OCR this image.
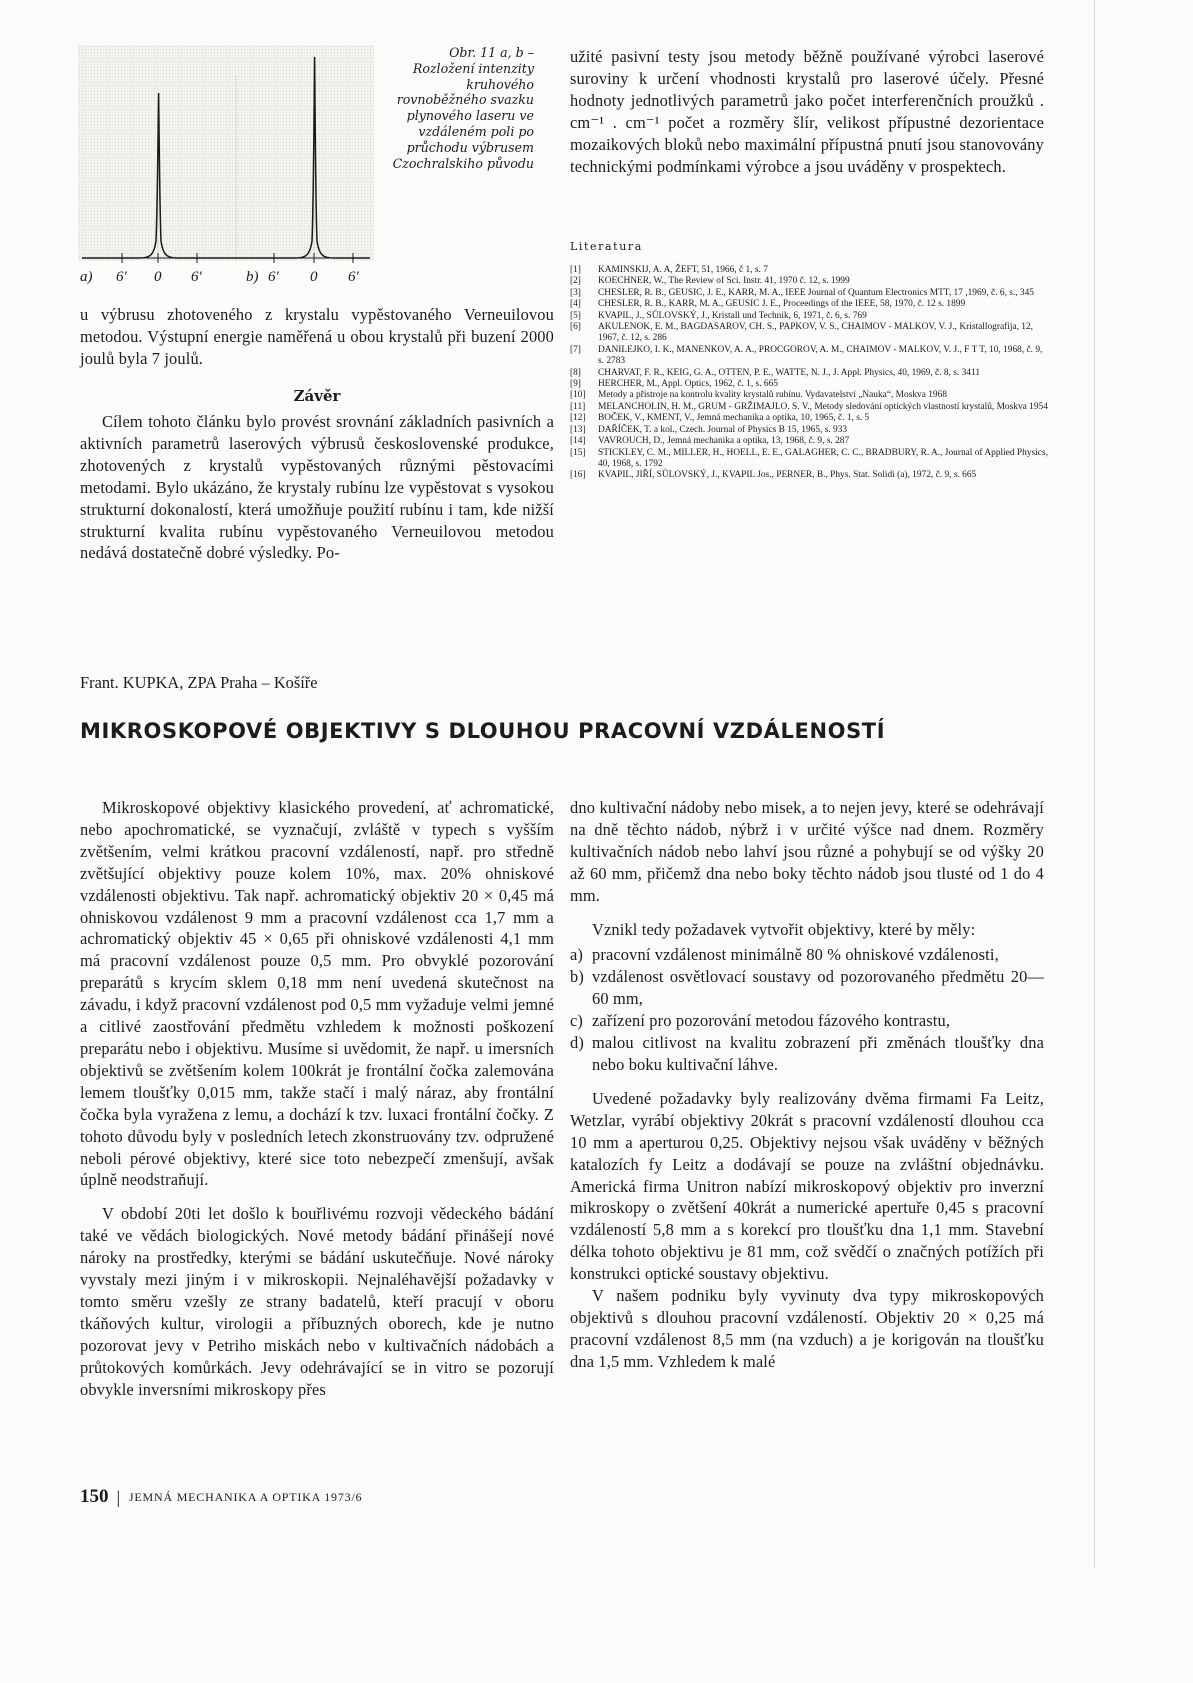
a) 6' 0 6'	b) 6' 0 6'
Obr. 11 a, b – Rozložení intenzity kruhového rovnoběžného svazku plynového laseru ve vzdáleném poli po průchodu výbrusem Czochralskiho původu
u výbrusu zhotoveného z krystalu vypěstovaného Verneuilovou metodou. Výstupní energie naměřená u obou krystalů při buzení 2000 joulů byla 7 joulů.
Závěr
Cílem tohoto článku bylo provést srovnání základních pasivních a aktivních parametrů laserových výbrusů československé produkce, zhotovených z krystalů vypěstovaných různými pěstovacími metodami. Bylo ukázáno, že krystaly rubínu lze vypěstovat s vysokou strukturní dokonalostí, která umožňuje použití rubínu i tam, kde nižší strukturní kvalita rubínu vypěstovaného Verneuilovou metodou nedává dostatečně dobré výsledky. Po-
užité pasivní testy jsou metody běžně používané výrobci laserové suroviny k určení vhodnosti krystalů pro laserové účely. Přesné hodnoty jednotlivých parametrů jako počet interferenčních proužků . cm⁻¹ . cm⁻¹ počet a rozměry šlír, velikost přípustné dezorientace mozaikových bloků nebo maximální přípustná pnutí jsou stanovovány technickými podmínkami výrobce a jsou uváděny v prospektech.
Literatura
[1]	KAMINSKIJ, A. A, ŽEFT, 51, 1966, č 1, s. 7
[2]	KOECHNER, W., The Review of Sci. Instr. 41, 1970 č. 12, s. 1999
[3]	CHESLER, R. B., GEUSIC, J. E., KARR, M. A., IEEE Journal of Quantum Electronics MTT, 17 ,1969, č. 6, s., 345
[4]	CHESLER, R. B., KARR, M. A., GEUSIC J. E., Proceedings of the IEEE, 58, 1970, č. 12 s. 1899
[5]	KVAPIL, J., SŮLOVSKÝ, J., Kristall und Technik, 6, 1971, č. 6, s. 769
[6]	AKULENOK, E. M., BAGDASAROV, CH. S., PAPKOV, V. S., CHAIMOV - MALKOV, V. J., Kristallografija, 12, 1967, č. 12, s. 286
[7]	DANILEJKO, I. K., MANENKOV, A. A., PROCGOROV, A. M., CHAIMOV - MALKOV, V. J., F T T, 10, 1968, č. 9, s. 2783
[8]	CHARVAT, F. R., KEIG, G. A., OTTEN, P. E., WATTE, N. J., J. Appl. Physics, 40, 1969, č. 8, s. 3411
[9]	HERCHER, M., Appl. Optics, 1962, č. 1, s. 665
[10]	Metody a přístroje na kontrolu kvality krystalů rubínu. Vydavatelství „Nauka“, Moskva 1968
[11]	MELANCHOLIN, H. M., GRUM - GRŽIMAJLO. S. V., Metody sledování optických vlastností krystalů, Moskva 1954
[12]	BOČEK, V., KMENT, V., Jemná mechanika a optika, 10, 1965, č. 1, s. 5
[13]	DAŘÍČEK, T. a kol., Czech. Journal of Physics B 15, 1965, s. 933
[14]	VAVROUCH, D., Jemná mechanika a optika, 13, 1968, č. 9, s. 287
[15]	STICKLEY, C. M., MILLER, H., HOELL, E. E., GALAGHER, C. C., BRADBURY, R. A., Journal of Applied Physics, 40, 1968, s. 1792
[16]	KVAPIL, JIŘÍ, SŮLOVSKÝ, J., KVAPIL Jos., PERNER, B., Phys. Stat. Solidi (a), 1972, č. 9, s. 665
Frant. KUPKA, ZPA Praha – Košíře
MIKROSKOPOVÉ OBJEKTIVY S DLOUHOU PRACOVNÍ VZDÁLENOSTÍ

Mikroskopové objektivy klasického provedení, ať achromatické, nebo apochromatické, se vyznačují, zvláště v typech s vyšším zvětšením, velmi krátkou pracovní vzdáleností, např. pro středně zvětšující objektivy pouze kolem 10%, max. 20% ohniskové vzdálenosti objektivu. Tak např. achromatický objektiv 20 × 0,45 má ohniskovou vzdálenost 9 mm a pracovní vzdálenost cca 1,7 mm a achromatický objektiv 45 × 0,65 při ohniskové vzdálenosti 4,1 mm má pracovní vzdálenost pouze 0,5 mm. Pro obvyklé pozorování preparátů s krycím sklem 0,18 mm není uvedená skutečnost na závadu, i když pracovní vzdálenost pod 0,5 mm vyžaduje velmi jemné a citlivé zaostřování předmětu vzhledem k možnosti poškození preparátu nebo i objektivu. Musíme si uvědomit, že např. u imersních objektivů se zvětšením kolem 100krát je frontální čočka zalemována lemem tloušťky 0,015 mm, takže stačí i malý náraz, aby frontální čočka byla vyražena z lemu, a dochází k tzv. luxaci frontální čočky. Z tohoto důvodu byly v posledních letech zkonstruovány tzv. odpružené neboli pérové objektivy, které sice toto nebezpečí zmenšují, avšak úplně neodstraňují.

V období 20ti let došlo k bouřlivému rozvoji vědeckého bádání také ve vědách biologických. Nové metody bádání přinášejí nové nároky na prostředky, kterými se bádání uskutečňuje. Nové nároky vyvstaly mezi jiným i v mikroskopii. Nejnaléhavější požadavky v tomto směru vzešly ze strany badatelů, kteří pracují v oboru tkáňových kultur, virologii a příbuzných oborech, kde je nutno pozorovat jevy v Petriho miskách nebo v kultivačních nádobách a průtokových komůrkách. Jevy odehrávající se in vitro se pozorují obvykle inversními mikroskopy přes

dno kultivační nádoby nebo misek, a to nejen jevy, které se odehrávají na dně těchto nádob, nýbrž i v určité výšce nad dnem. Rozměry kultivačních nádob nebo lahví jsou různé a pohybují se od výšky 20 až 60 mm, přičemž dna nebo boky těchto nádob jsou tlusté od 1 do 4 mm.

Vznikl tedy požadavek vytvořit objektivy, které by měly:

a) pracovní vzdálenost minimálně 80 % ohniskové vzdálenosti,
b) vzdálenost osvětlovací soustavy od pozorovaného předmětu 20—60 mm,
c) zařízení pro pozorování metodou fázového kontrastu,
d) malou citlivost na kvalitu zobrazení při změnách tloušťky dna nebo boku kultivační láhve.

Uvedené požadavky byly realizovány dvěma firmami Fa Leitz, Wetzlar, vyrábí objektivy 20krát s pracovní vzdáleností dlouhou cca 10 mm a aperturou 0,25. Objektivy nejsou však uváděny v běžných katalozích fy Leitz a dodávají se pouze na zvláštní objednávku. Americká firma Unitron nabízí mikroskopový objektiv pro inverzní mikroskopy o zvětšení 40krát a numerické apertuře 0,45 s pracovní vzdáleností 5,8 mm a s korekcí pro tloušťku dna 1,1 mm. Stavební délka tohoto objektivu je 81 mm, což svědčí o značných potížích při konstrukci optické soustavy objektivu.

V našem podniku byly vyvinuty dva typy mikroskopových objektivů s dlouhou pracovní vzdáleností. Objektiv 20 × 0,25 má pracovní vzdálenost 8,5 mm (na vzduch) a je korigován na tloušťku dna 1,5 mm. Vzhledem k malé

150 | JEMNÁ MECHANIKA A OPTIKA 1973/6
